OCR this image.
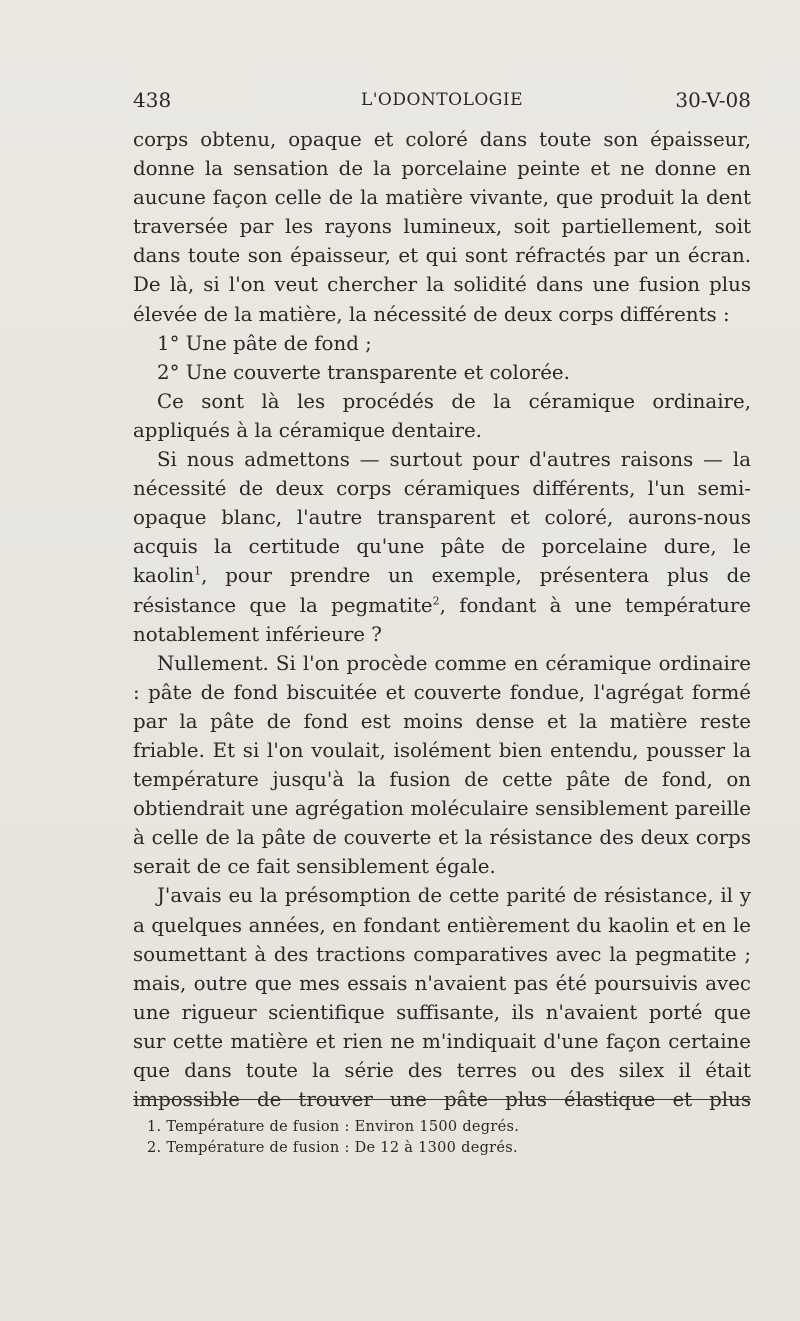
438	L'ODONTOLOGIE	30-V-08

corps obtenu, opaque et coloré dans toute son épaisseur, donne la sensation de la porcelaine peinte et ne donne en aucune façon celle de la matière vivante, que produit la dent traversée par les rayons lumineux, soit partiellement, soit dans toute son épaisseur, et qui sont réfractés par un écran. De là, si l'on veut chercher la solidité dans une fusion plus élevée de la matière, la nécessité de deux corps différents :

1° Une pâte de fond ;

2° Une couverte transparente et colorée.

Ce sont là les procédés de la céramique ordinaire, appliqués à la céramique dentaire.

Si nous admettons — surtout pour d'autres raisons — la nécessité de deux corps céramiques différents, l'un semi-opaque blanc, l'autre transparent et coloré, aurons-nous acquis la certitude qu'une pâte de porcelaine dure, le kaolin$^1$, pour prendre un exemple, présentera plus de résistance que la pegmatite$^2$, fondant à une température notablement inférieure ?

Nullement. Si l'on procède comme en céramique ordinaire : pâte de fond biscuitée et couverte fondue, l'agrégat formé par la pâte de fond est moins dense et la matière reste friable. Et si l'on voulait, isolément bien entendu, pousser la température jusqu'à la fusion de cette pâte de fond, on obtiendrait une agrégation moléculaire sensiblement pareille à celle de la pâte de couverte et la résistance des deux corps serait de ce fait sensiblement égale.

J'avais eu la présomption de cette parité de résistance, il y a quelques années, en fondant entièrement du kaolin et en le soumettant à des tractions comparatives avec la pegmatite ; mais, outre que mes essais n'avaient pas été poursuivis avec une rigueur scientifique suffisante, ils n'avaient porté que sur cette matière et rien ne m'indiquait d'une façon certaine que dans toute la série des terres ou des silex il était impossible de trouver une pâte plus élastique et plus

1. Température de fusion : Environ 1500 degrés.
2. Température de fusion : De 12 à 1300 degrés.
